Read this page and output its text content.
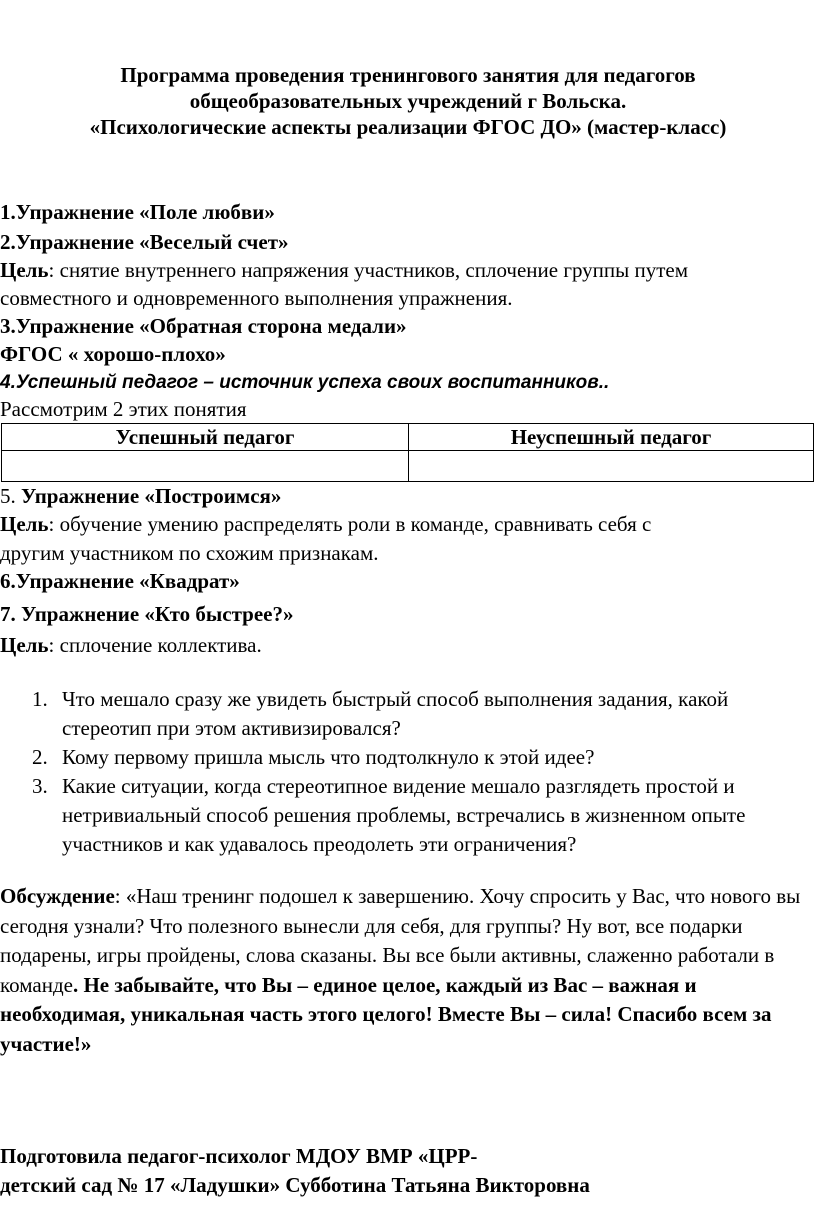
Программа проведения тренингового занятия для педагогов
общеобразовательных учреждений г Вольска.
«Психологические аспекты реализации ФГОС ДО» (мастер-класс)
1.Упражнение «Поле любви»
2.Упражнение «Веселый счет»
Цель: снятие внутреннего напряжения участников, сплочение группы путем
совместного и одновременного выполнения упражнения.
3.Упражнение «Обратная сторона медали»
ФГОС « хорошо-плохо»
4.Успешный педагог – источник успеха своих воспитанников..
Рассмотрим 2 этих понятия
Успешный педагог	Неуспешный педагог

5. Упражнение «Построимся»
Цель: обучение умению распределять роли в команде, сравнивать себя с
другим участником по схожим признакам.
6.Упражнение «Квадрат»
7. Упражнение «Кто быстрее?»
Цель: сплочение коллектива.
1. Что мешало сразу же увидеть быстрый способ выполнения задания, какой стереотип при этом активизировался?
2. Кому первому пришла мысль что подтолкнуло к этой идее?
3. Какие ситуации, когда стереотипное видение мешало разглядеть простой и нетривиальный способ решения проблемы, встречались в жизненном опыте участников и как удавалось преодолеть эти ограничения?
Обсуждение: «Наш тренинг подошел к завершению. Хочу спросить у Вас, что нового вы сегодня узнали? Что полезного вынесли для себя, для группы? Ну вот, все подарки подарены, игры пройдены, слова сказаны. Вы все были активны, слаженно работали в команде. Не забывайте, что Вы – единое целое, каждый из Вас – важная и необходимая, уникальная часть этого целого! Вместе Вы – сила! Спасибо всем за участие!»
Подготовила педагог-психолог МДОУ ВМР «ЦРР-
детский сад № 17 «Ладушки» Субботина Татьяна Викторовна
